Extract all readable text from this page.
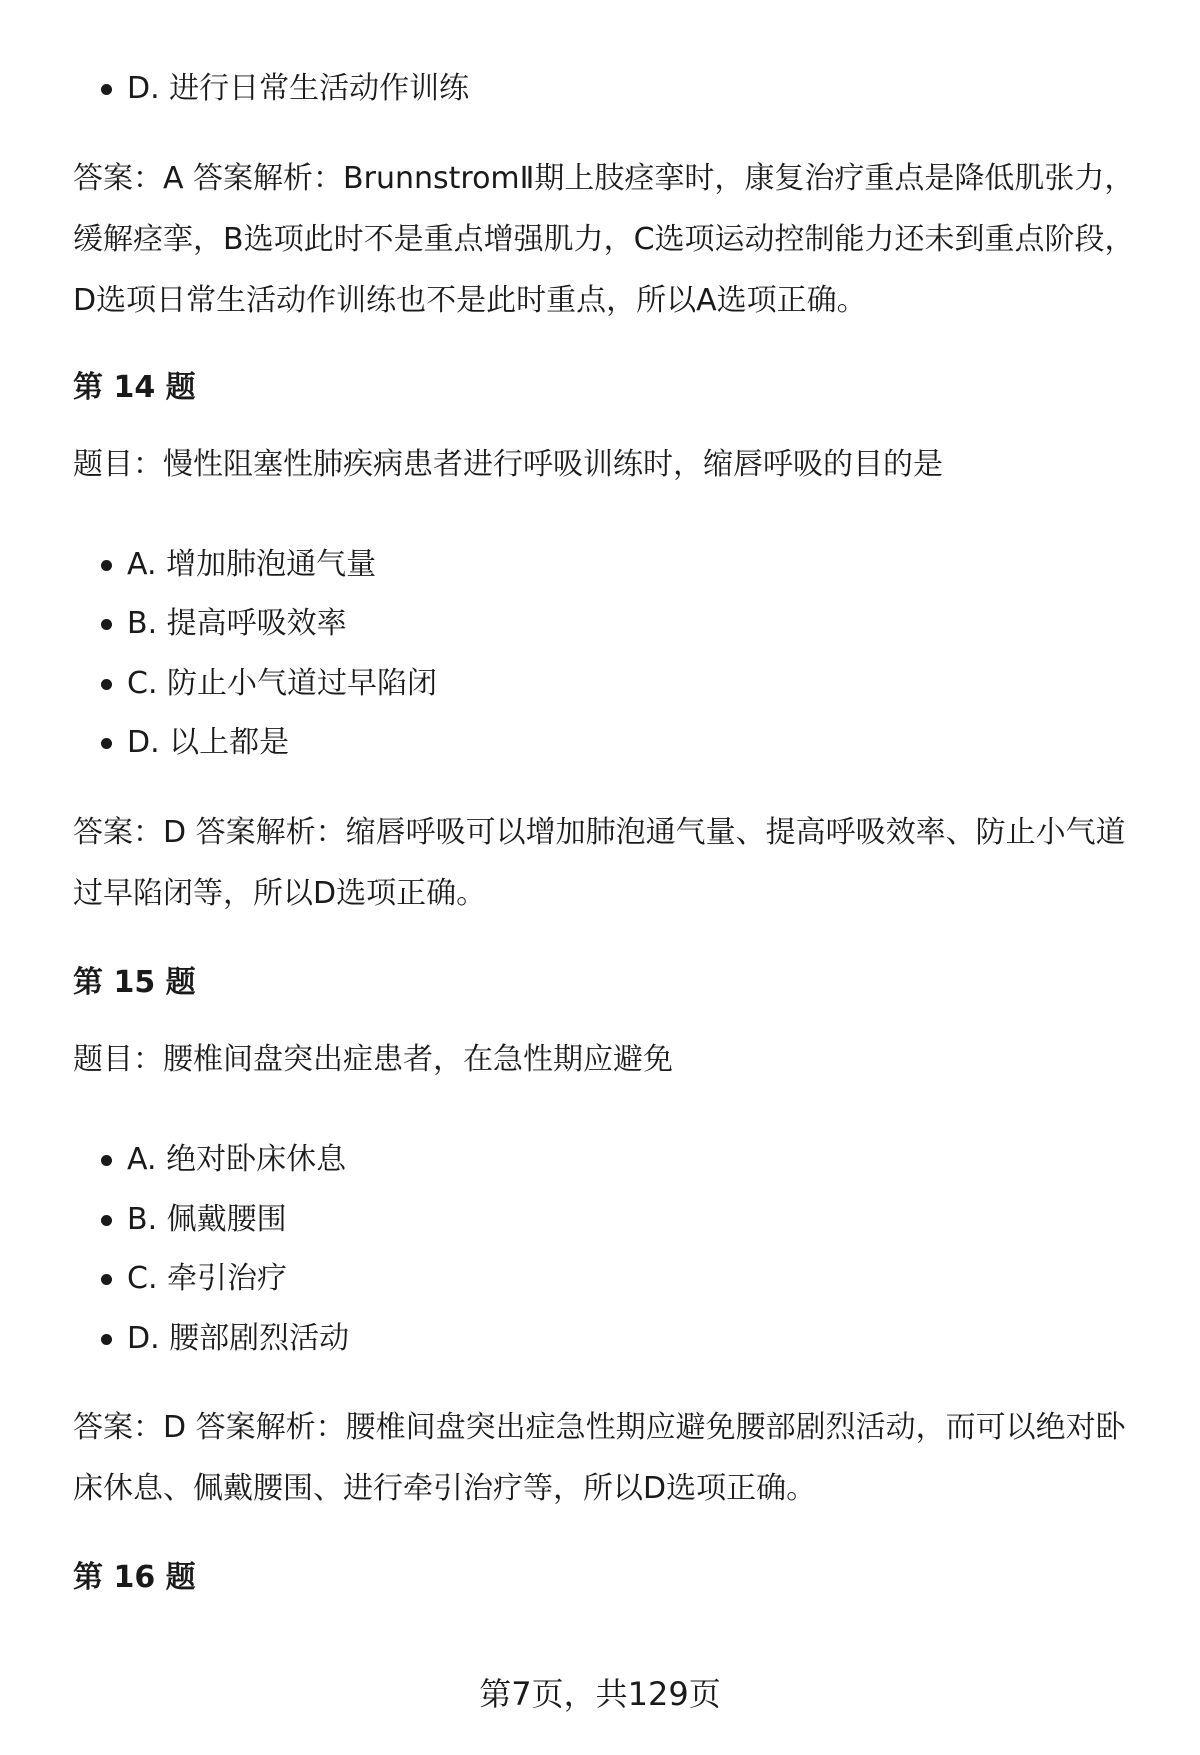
D. 进行日常生活动作训练
答案：A 答案解析：BrunnstromⅡ期上肢痉挛时，康复治疗重点是降低肌张力，缓解痉挛，B选项此时不是重点增强肌力，C选项运动控制能力还未到重点阶段，D选项日常生活动作训练也不是此时重点，所以A选项正确。
第 14 题
题目：慢性阻塞性肺疾病患者进行呼吸训练时，缩唇呼吸的目的是
A. 增加肺泡通气量
B. 提高呼吸效率
C. 防止小气道过早陷闭
D. 以上都是
答案：D 答案解析：缩唇呼吸可以增加肺泡通气量、提高呼吸效率、防止小气道过早陷闭等，所以D选项正确。
第 15 题
题目：腰椎间盘突出症患者，在急性期应避免
A. 绝对卧床休息
B. 佩戴腰围
C. 牵引治疗
D. 腰部剧烈活动
答案：D 答案解析：腰椎间盘突出症急性期应避免腰部剧烈活动，而可以绝对卧床休息、佩戴腰围、进行牵引治疗等，所以D选项正确。
第 16 题
第7页，共129页
